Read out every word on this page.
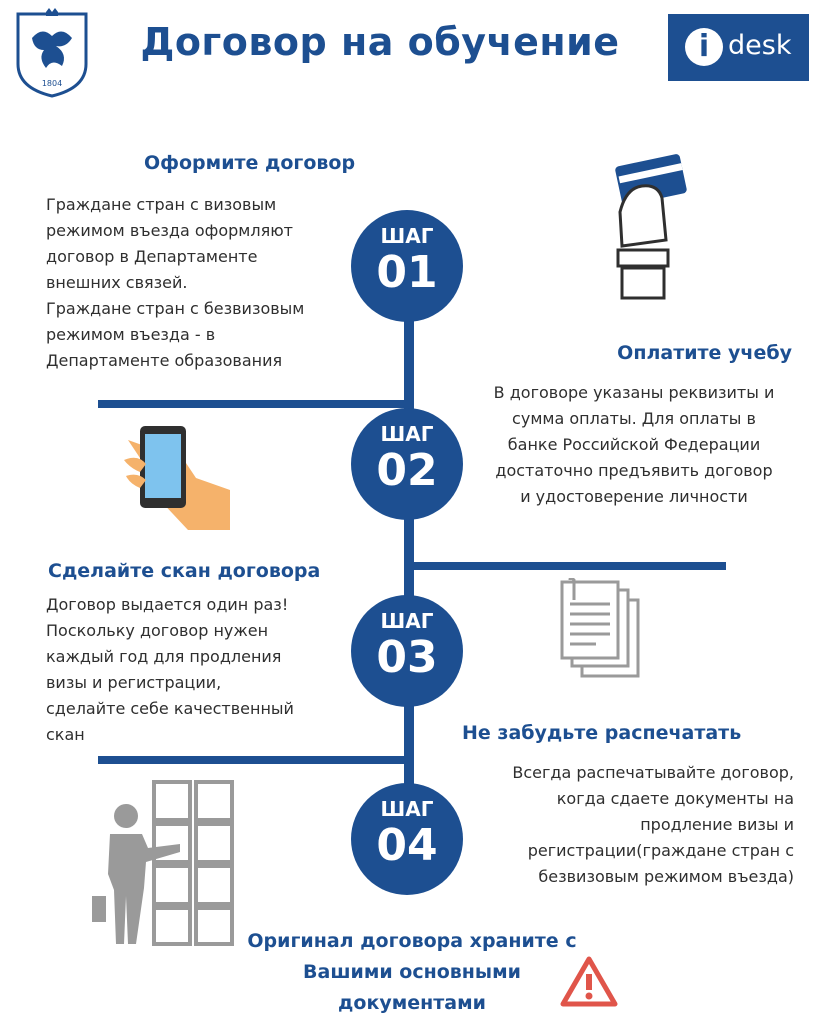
1804
Договор на обучение	i desk
ШАГ
01
ШАГ
02
ШАГ
03
ШАГ
04
Оформите договор
Граждане стран с визовым
режимом въезда оформляют
договор в Департаменте
внешних связей.
Граждане стран с безвизовым
режимом въезда - в
Департаменте образования	Оплатите учебу
В договоре указаны реквизиты и
сумма оплаты. Для оплаты в
банке Российской Федерации
достаточно предъявить договор
и удостоверение личности
Сделайте скан договора
Договор выдается один раз!
Поскольку договор нужен
каждый год для продления
визы и регистрации,
сделайте себе качественный
скан	Не забудьте распечатать
Всегда распечатывайте договор,
когда сдаете документы на
продление визы и
регистрации(граждане стран с
безвизовым режимом въезда)
Оригинал договора храните с
Вашими основными
документами
